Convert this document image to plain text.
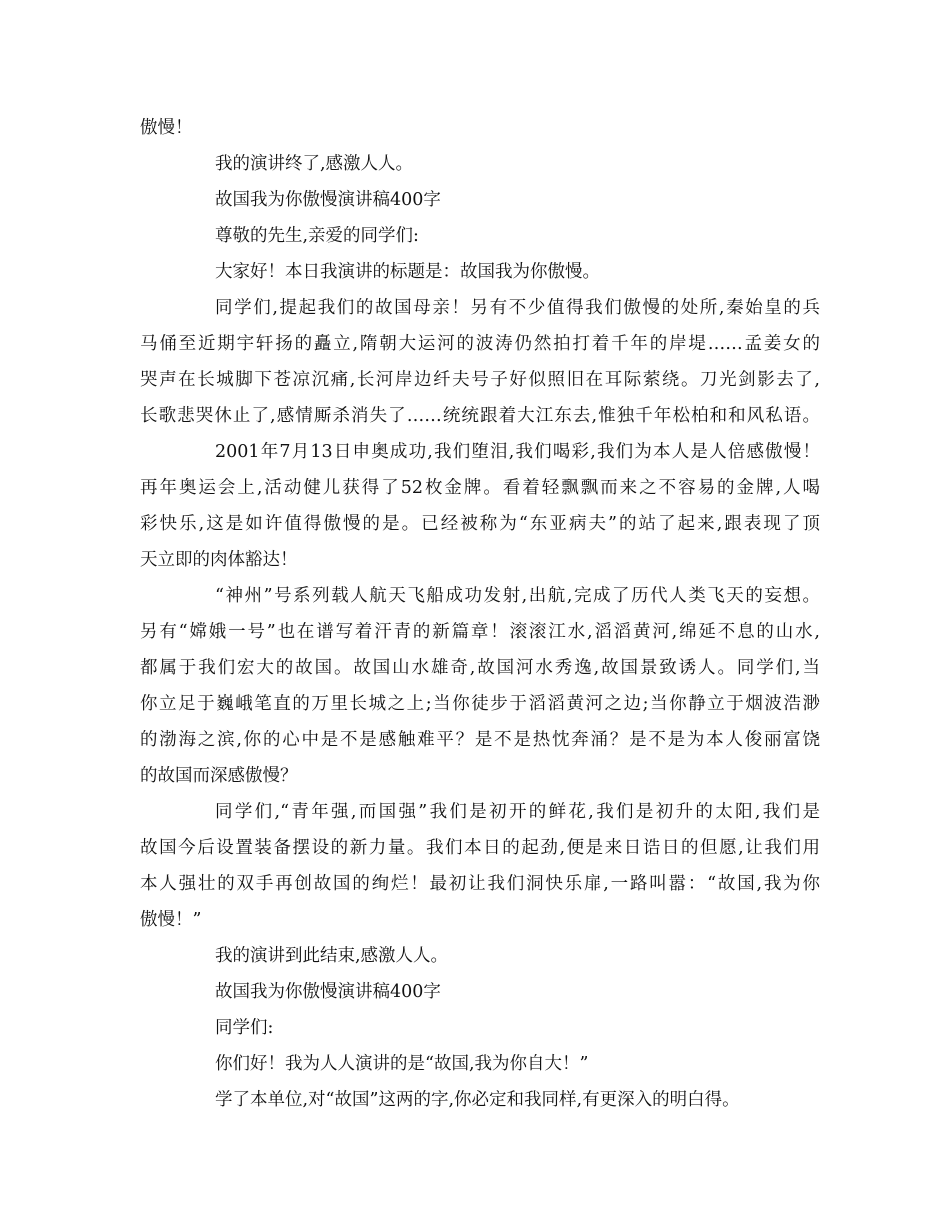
傲慢！
我的演讲终了,感激人人。
故国我为你傲慢演讲稿400字
尊敬的先生,亲爱的同学们:
大家好！本日我演讲的标题是：故国我为你傲慢。
同学们,提起我们的故国母亲！另有不少值得我们傲慢的处所,秦始皇的兵
马俑至近期宇轩扬的矗立,隋朝大运河的波涛仍然拍打着千年的岸堤……孟姜女的
哭声在长城脚下苍凉沉痛,长河岸边纤夫号子好似照旧在耳际萦绕。刀光剑影去了,
长歌悲哭休止了,感情厮杀消失了……统统跟着大江东去,惟独千年松柏和和风私语。
2001年7月13日申奥成功,我们堕泪,我们喝彩,我们为本人是人倍感傲慢！
再年奥运会上,活动健儿获得了52枚金牌。看着轻飘飘而来之不容易的金牌,人喝
彩快乐,这是如许值得傲慢的是。已经被称为“东亚病夫”的站了起来,跟表现了顶
天立即的肉体豁达！
“神州”号系列载人航天飞船成功发射,出航,完成了历代人类飞天的妄想。
另有“嫦娥一号”也在谱写着汗青的新篇章！滚滚江水,滔滔黄河,绵延不息的山水,
都属于我们宏大的故国。故国山水雄奇,故国河水秀逸,故国景致诱人。同学们,当
你立足于巍峨笔直的万里长城之上;当你徒步于滔滔黄河之边;当你静立于烟波浩渺
的渤海之滨,你的心中是不是感触难平？是不是热忱奔涌？是不是为本人俊丽富饶
的故国而深感傲慢？
同学们,“青年强,而国强”我们是初开的鲜花,我们是初升的太阳,我们是
故国今后设置装备摆设的新力量。我们本日的起劲,便是来日诰日的但愿,让我们用
本人强壮的双手再创故国的绚烂！最初让我们洞快乐扉,一路叫嚣：“故国,我为你
傲慢！”
我的演讲到此结束,感激人人。
故国我为你傲慢演讲稿400字
同学们:
你们好！我为人人演讲的是“故国,我为你自大！”
学了本单位,对“故国”这两的字,你必定和我同样,有更深入的明白得。
